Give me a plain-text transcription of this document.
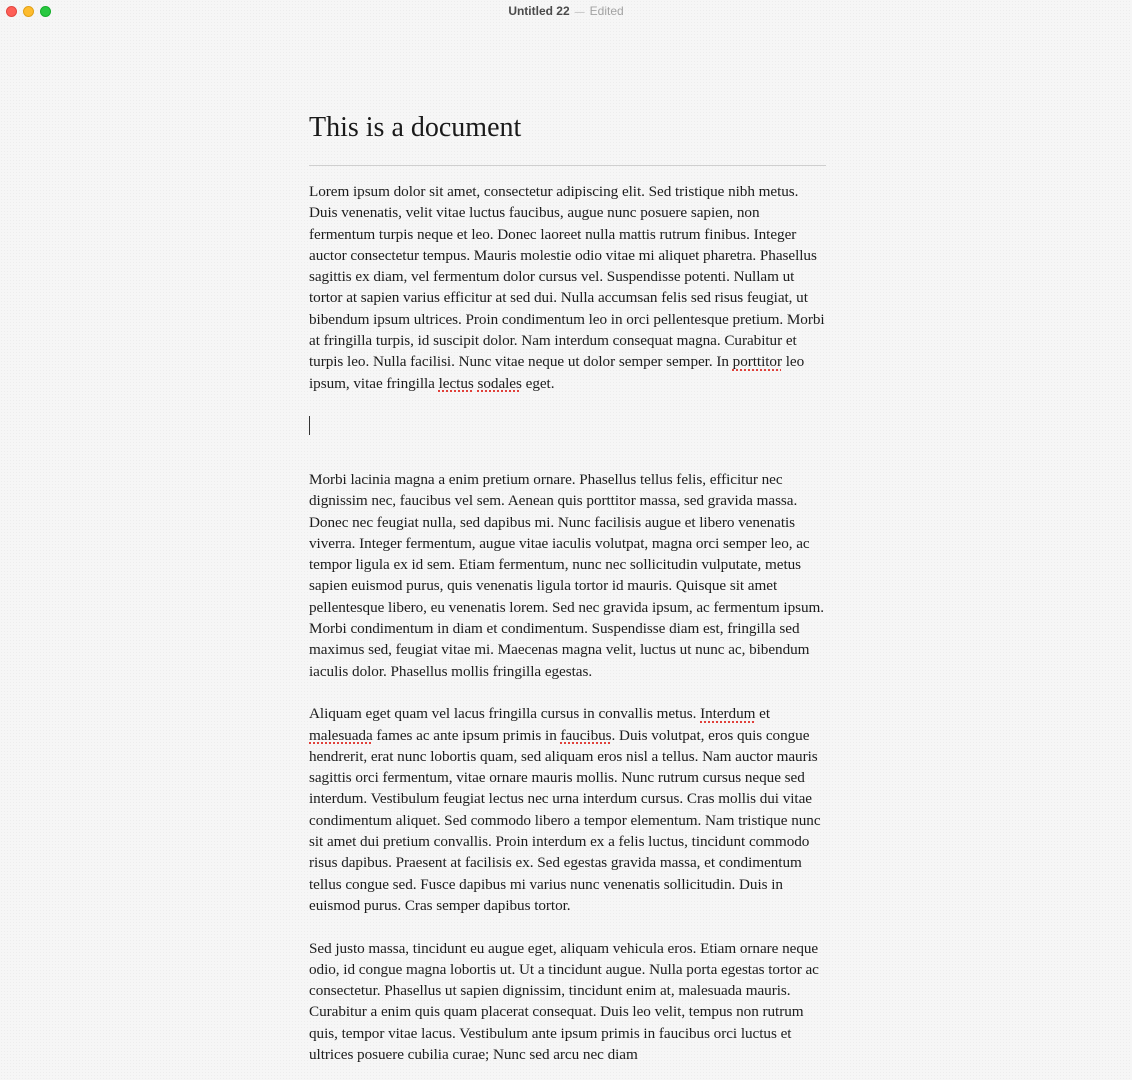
Untitled 22 — Edited
This is a document

Lorem ipsum dolor sit amet, consectetur adipiscing elit. Sed tristique nibh metus. Duis venenatis, velit vitae luctus faucibus, augue nunc posuere sapien, non fermentum turpis neque et leo. Donec laoreet nulla mattis rutrum finibus. Integer auctor consectetur tempus. Mauris molestie odio vitae mi aliquet pharetra. Phasellus sagittis ex diam, vel fermentum dolor cursus vel. Suspendisse potenti. Nullam ut tortor at sapien varius efficitur at sed dui. Nulla accumsan felis sed risus feugiat, ut bibendum ipsum ultrices. Proin condimentum leo in orci pellentesque pretium. Morbi at fringilla turpis, id suscipit dolor. Nam interdum consequat magna. Curabitur et turpis leo. Nulla facilisi. Nunc vitae neque ut dolor semper semper. In porttitor leo ipsum, vitae fringilla lectus sodales eget.

Morbi lacinia magna a enim pretium ornare. Phasellus tellus felis, efficitur nec dignissim nec, faucibus vel sem. Aenean quis porttitor massa, sed gravida massa. Donec nec feugiat nulla, sed dapibus mi. Nunc facilisis augue et libero venenatis viverra. Integer fermentum, augue vitae iaculis volutpat, magna orci semper leo, ac tempor ligula ex id sem. Etiam fermentum, nunc nec sollicitudin vulputate, metus sapien euismod purus, quis venenatis ligula tortor id mauris. Quisque sit amet pellentesque libero, eu venenatis lorem. Sed nec gravida ipsum, ac fermentum ipsum. Morbi condimentum in diam et condimentum. Suspendisse diam est, fringilla sed maximus sed, feugiat vitae mi. Maecenas magna velit, luctus ut nunc ac, bibendum iaculis dolor. Phasellus mollis fringilla egestas.

Aliquam eget quam vel lacus fringilla cursus in convallis metus. Interdum et malesuada fames ac ante ipsum primis in faucibus. Duis volutpat, eros quis congue hendrerit, erat nunc lobortis quam, sed aliquam eros nisl a tellus. Nam auctor mauris sagittis orci fermentum, vitae ornare mauris mollis. Nunc rutrum cursus neque sed interdum. Vestibulum feugiat lectus nec urna interdum cursus. Cras mollis dui vitae condimentum aliquet. Sed commodo libero a tempor elementum. Nam tristique nunc sit amet dui pretium convallis. Proin interdum ex a felis luctus, tincidunt commodo risus dapibus. Praesent at facilisis ex. Sed egestas gravida massa, et condimentum tellus congue sed. Fusce dapibus mi varius nunc venenatis sollicitudin. Duis in euismod purus. Cras semper dapibus tortor.

Sed justo massa, tincidunt eu augue eget, aliquam vehicula eros. Etiam ornare neque odio, id congue magna lobortis ut. Ut a tincidunt augue. Nulla porta egestas tortor ac consectetur. Phasellus ut sapien dignissim, tincidunt enim at, malesuada mauris. Curabitur a enim quis quam placerat consequat. Duis leo velit, tempus non rutrum quis, tempor vitae lacus. Vestibulum ante ipsum primis in faucibus orci luctus et ultrices posuere cubilia curae; Nunc sed arcu nec diam
